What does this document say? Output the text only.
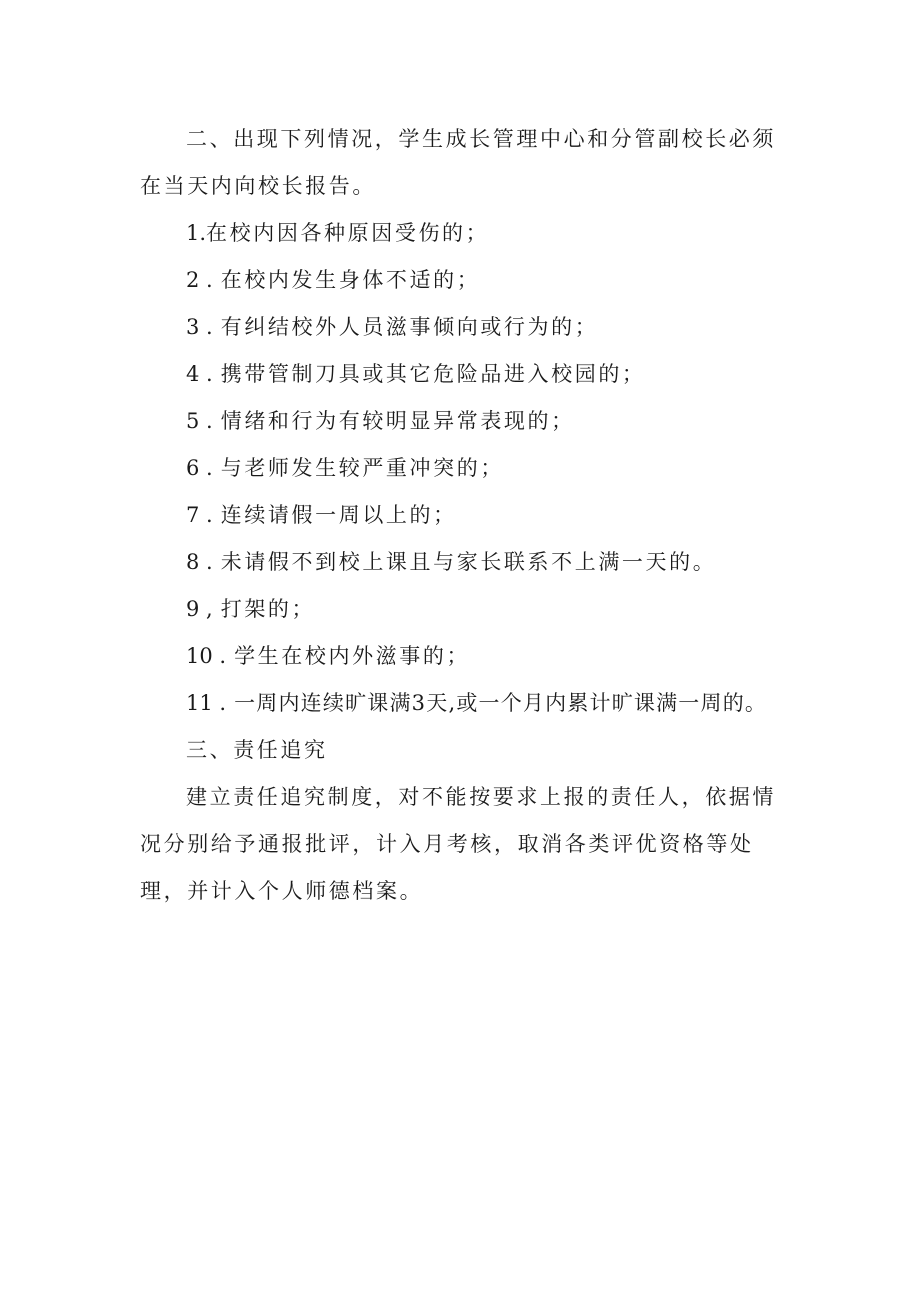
二、出现下列情况，学生成长管理中心和分管副校长必须在当天内向校长报告。

1.在校内因各种原因受伤的；

2 . 在校内发生身体不适的；

3 . 有纠结校外人员滋事倾向或行为的；

4 . 携带管制刀具或其它危险品进入校园的；

5 . 情绪和行为有较明显异常表现的；

6 . 与老师发生较严重冲突的；

7 . 连续请假一周以上的；

8 . 未请假不到校上课且与家长联系不上满一天的。

9 , 打架的；

10 . 学生在校内外滋事的；

11 . 一周内连续旷课满3天,或一个月内累计旷课满一周的。

三、责任追究

建立责任追究制度，对不能按要求上报的责任人，依据情况分别给予通报批评，计入月考核，取消各类评优资格等处理，并计入个人师德档案。
